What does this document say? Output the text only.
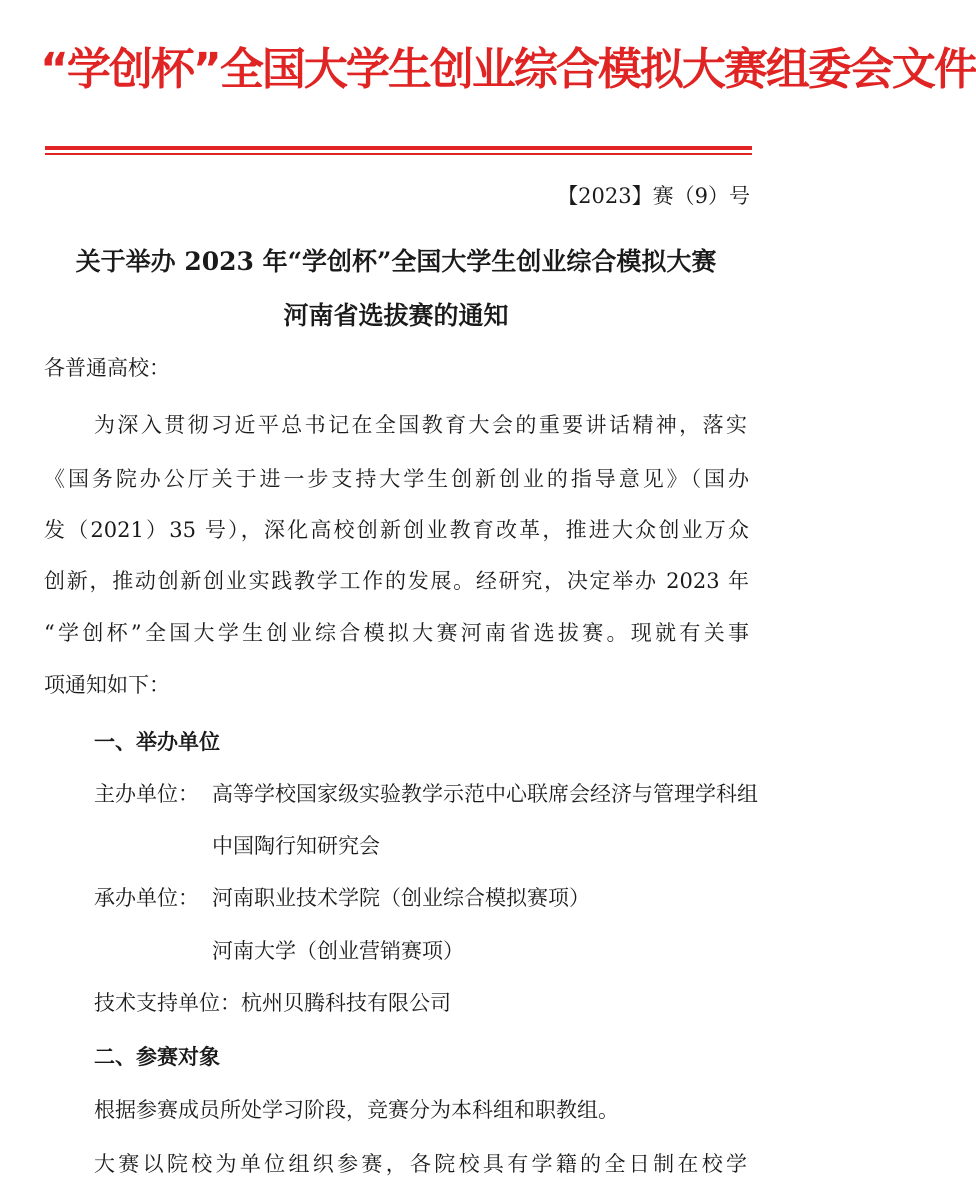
“学创杯”全国大学生创业综合模拟大赛组委会文件
【2023】赛（9）号
关于举办 2023 年“学创杯”全国大学生创业综合模拟大赛
河南省选拔赛的通知
各普通高校：
为深入贯彻习近平总书记在全国教育大会的重要讲话精神，落实
《国务院办公厅关于进一步支持大学生创新创业的指导意见》（国办
发（2021）35 号），深化高校创新创业教育改革，推进大众创业万众
创新，推动创新创业实践教学工作的发展。经研究，决定举办 2023 年
“学创杯”全国大学生创业综合模拟大赛河南省选拔赛。现就有关事
项通知如下：
一、举办单位
主办单位： 高等学校国家级实验教学示范中心联席会经济与管理学科组
中国陶行知研究会
承办单位： 河南职业技术学院（创业综合模拟赛项）
河南大学（创业营销赛项）
技术支持单位：杭州贝腾科技有限公司
二、参赛对象
根据参赛成员所处学习阶段，竞赛分为本科组和职教组。
大赛以院校为单位组织参赛，各院校具有学籍的全日制在校学
